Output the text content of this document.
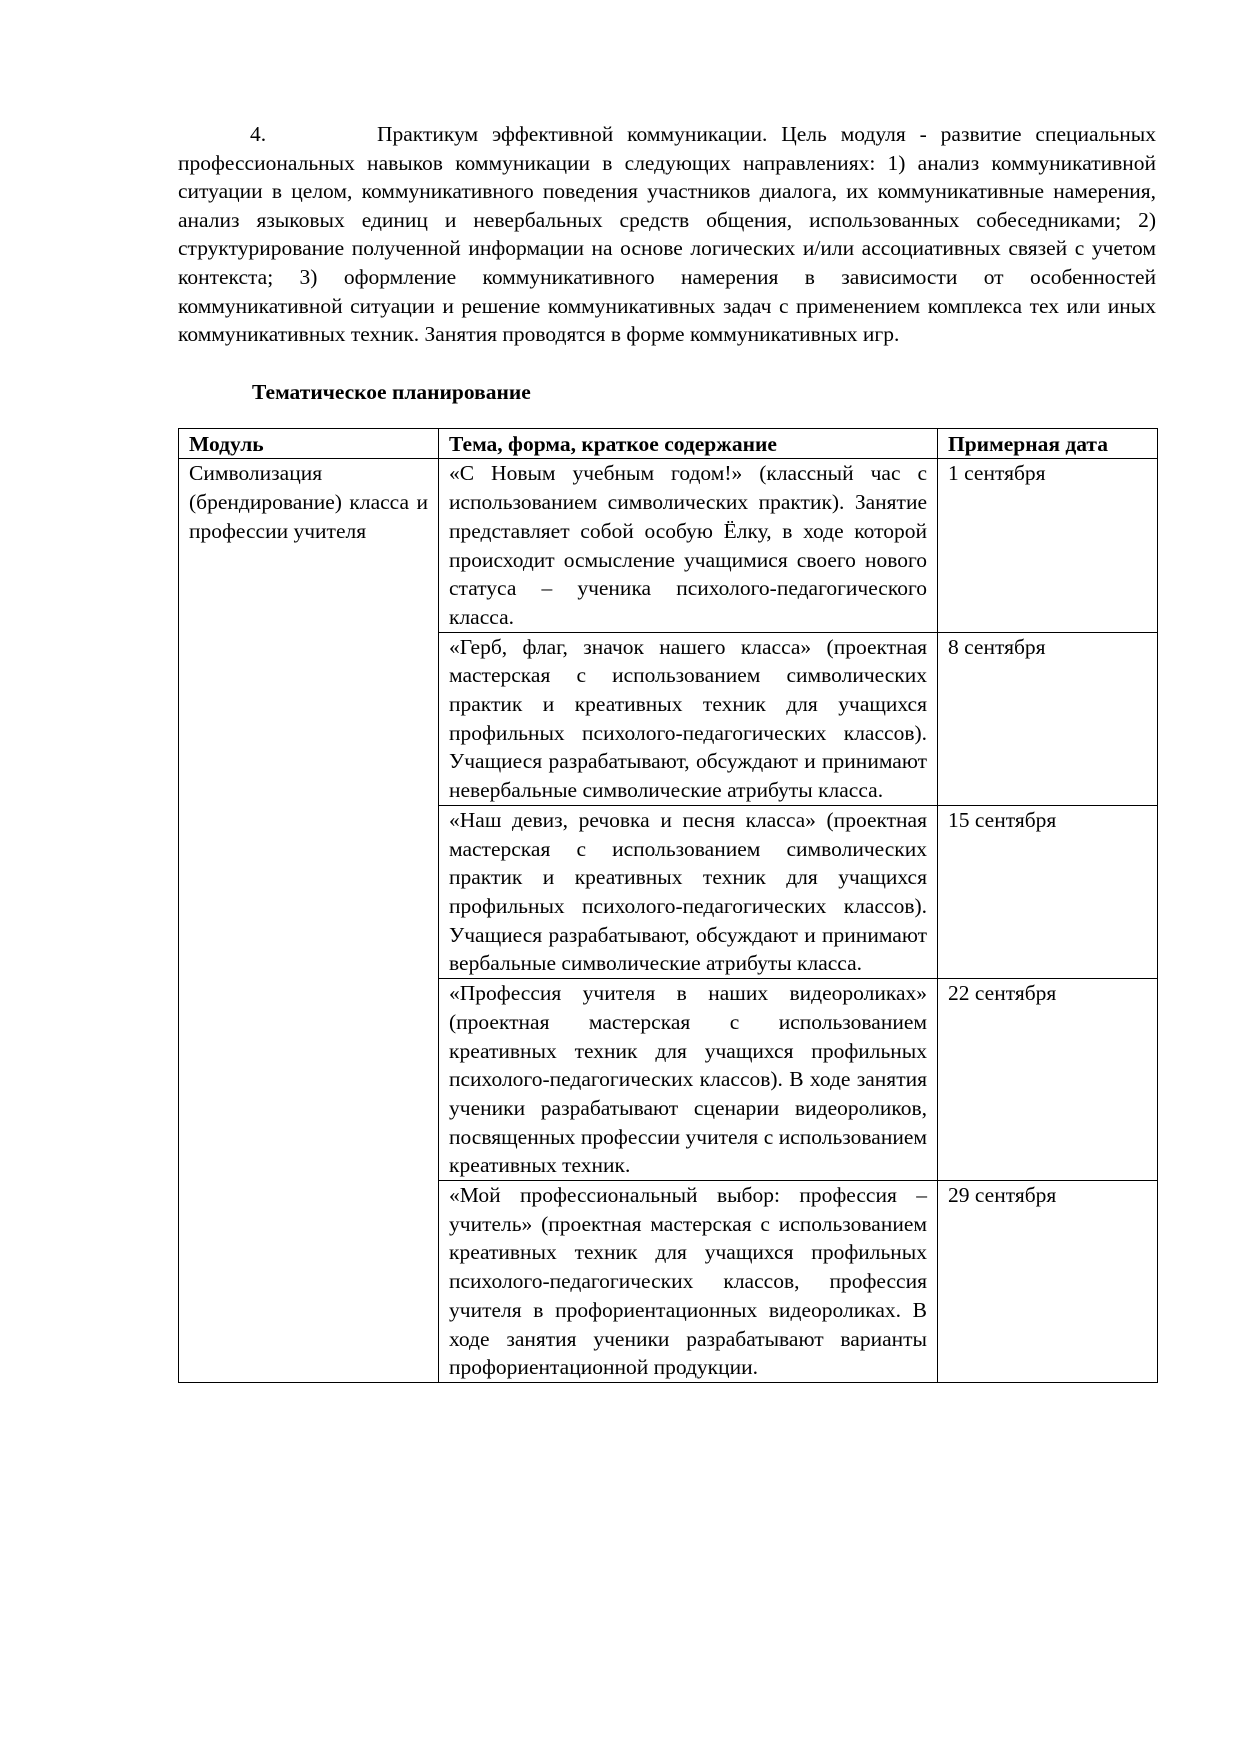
4.        Практикум эффективной коммуникации. Цель модуля - развитие специальных профессиональных навыков коммуникации в следующих направлениях: 1) анализ коммуникативной ситуации в целом, коммуникативного поведения участников диалога, их коммуникативные намерения, анализ языковых единиц и невербальных средств общения, использованных собеседниками; 2) структурирование полученной информации на основе логических и/или ассоциативных связей с учетом контекста; 3) оформление коммуникативного намерения в зависимости от особенностей коммуникативной ситуации и решение коммуникативных задач с применением комплекса тех или иных коммуникативных техник. Занятия проводятся в форме коммуникативных игр.

Тематическое планирование
Модуль	Тема, форма, краткое содержание	Примерная дата
Символизация (брендирование) класса и профессии учителя	«С Новым учебным годом!» (классный час с использованием символических практик). Занятие представляет собой особую Ёлку, в ходе которой происходит осмысление учащимися своего нового статуса – ученика психолого-педагогического класса.	1 сентября
	«Герб, флаг, значок нашего класса» (проектная мастерская с использованием символических практик и креативных техник для учащихся профильных психолого-педагогических классов). Учащиеся разрабатывают, обсуждают и принимают невербальные символические атрибуты класса.	8 сентября
	«Наш девиз, речовка и песня класса» (проектная мастерская с использованием символических практик и креативных техник для учащихся профильных психолого-педагогических классов). Учащиеся разрабатывают, обсуждают и принимают вербальные символические атрибуты класса.	15 сентября
	«Профессия учителя в наших видеороликах» (проектная мастерская с использованием креативных техник для учащихся профильных психолого-педагогических классов). В ходе занятия ученики разрабатывают сценарии видеороликов, посвященных профессии учителя с использованием креативных техник.	22 сентября
	«Мой профессиональный выбор: профессия – учитель» (проектная мастерская с использованием креативных техник для учащихся профильных психолого-педагогических классов, профессия учителя в профориентационных видеороликах. В ходе занятия ученики разрабатывают варианты профориентационной продукции.	29 сентября
